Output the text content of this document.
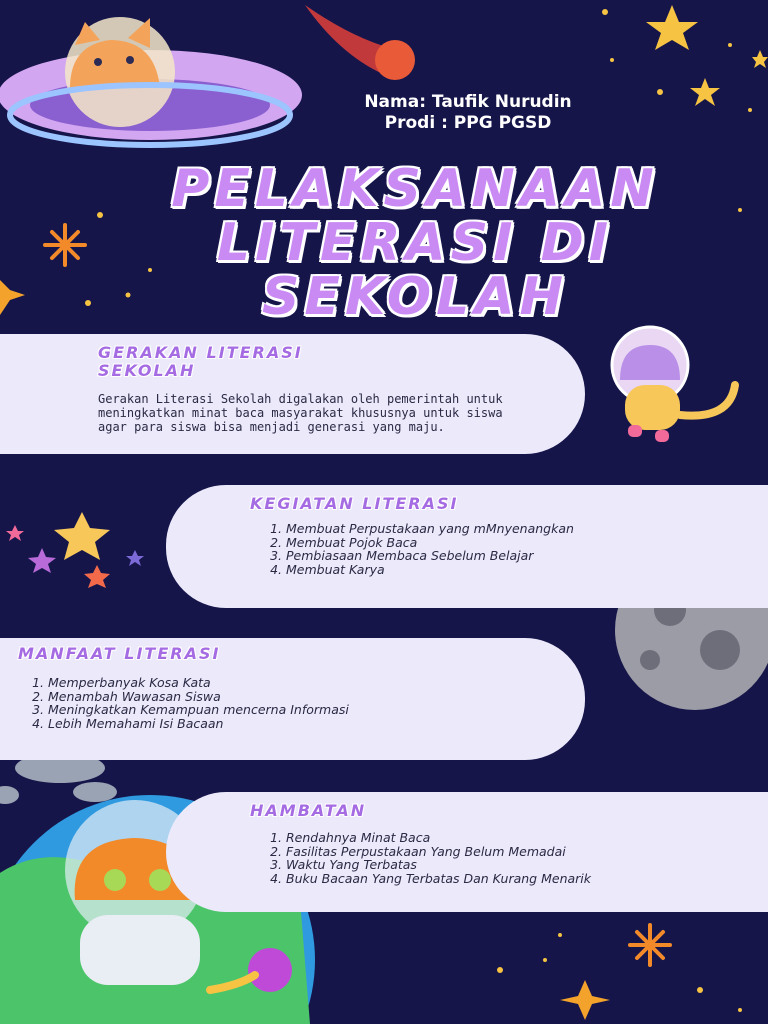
Nama: Taufik Nurudin
Prodi : PPG PGSD
PELAKSANAAN
LITERASI DI
SEKOLAH
GERAKAN LITERASI
SEKOLAH
Gerakan Literasi Sekolah digalakan oleh pemerintah untuk meningkatkan minat baca masyarakat khususnya untuk siswa agar para siswa bisa menjadi generasi yang maju.
KEGIATAN LITERASI
1. Membuat Perpustakaan yang mMnyenangkan
2. Membuat Pojok Baca
3. Pembiasaan Membaca Sebelum Belajar
4. Membuat Karya
MANFAAT LITERASI
1. Memperbanyak Kosa Kata
2. Menambah Wawasan Siswa
3. Meningkatkan Kemampuan mencerna Informasi
4. Lebih Memahami Isi Bacaan
HAMBATAN
1. Rendahnya Minat Baca
2. Fasilitas Perpustakaan Yang Belum Memadai
3. Waktu Yang Terbatas
4. Buku Bacaan Yang Terbatas Dan Kurang Menarik
